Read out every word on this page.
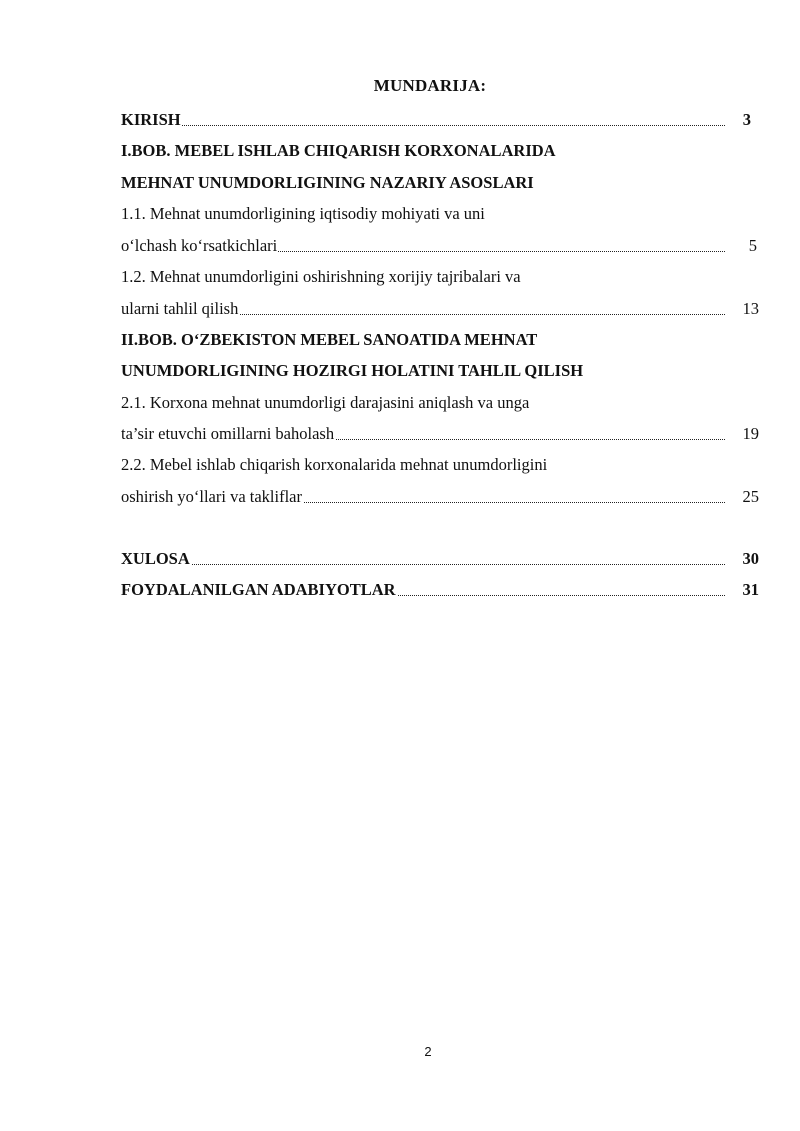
MUNDARIJA:
KIRISH	3
I.BOB. MEBEL ISHLAB CHIQARISH KORXONALARIDA
MEHNAT UNUMDORLIGINING NAZARIY ASOSLARI
1.1. Mehnat unumdorligining iqtisodiy mohiyati va uni
o‘lchash ko‘rsatkichlari	5
1.2. Mehnat unumdorligini oshirishning xorijiy tajribalari va
ularni tahlil qilish	13
II.BOB. O‘ZBEKISTON MEBEL SANOATIDA MEHNAT
UNUMDORLIGINING HOZIRGI HOLATINI TAHLIL QILISH
2.1. Korxona mehnat unumdorligi darajasini aniqlash va unga
ta’sir etuvchi omillarni baholash	19
2.2. Mebel ishlab chiqarish korxonalarida mehnat unumdorligini
oshirish yo‘llari va takliflar	25
XULOSA	30
FOYDALANILGAN ADABIYOTLAR	31
2
